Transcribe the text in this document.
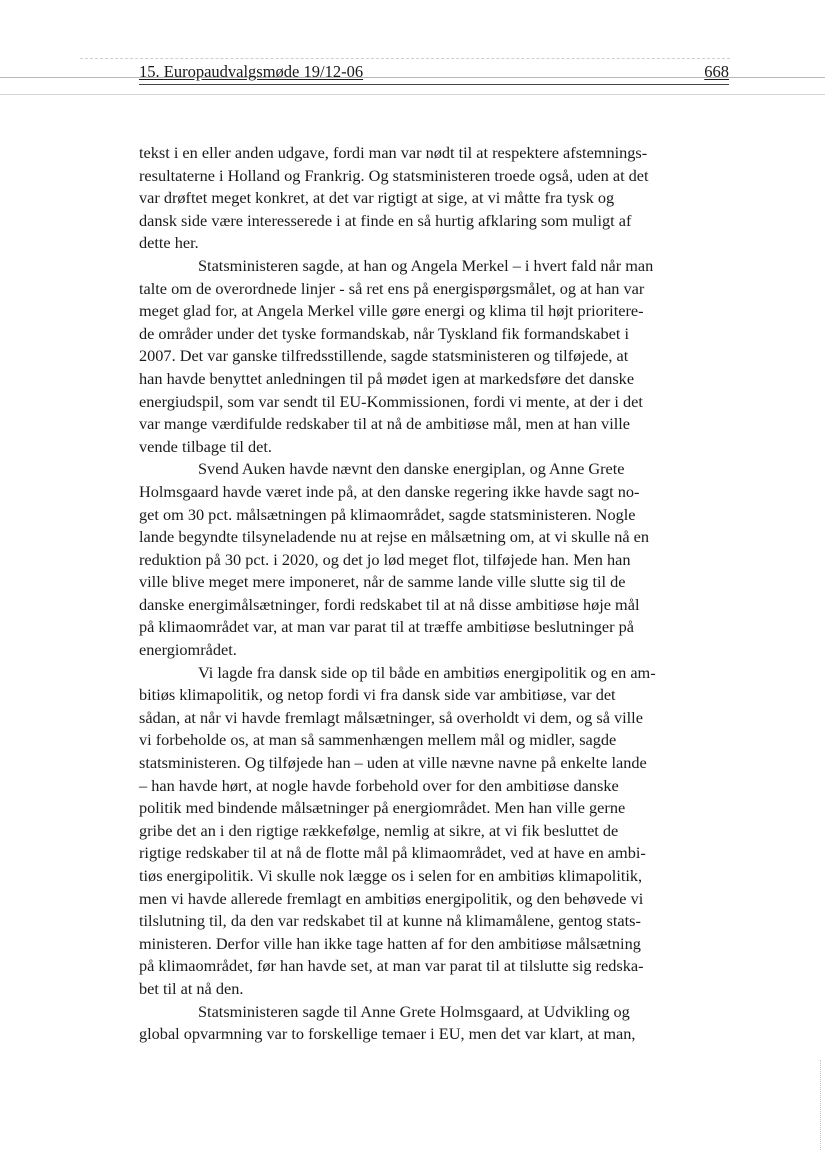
15. Europaudvalgsmøde 19/12-06	668
tekst i en eller anden udgave, fordi man var nødt til at respektere afstemnings-
resultaterne i Holland og Frankrig. Og statsministeren troede også, uden at det
var drøftet meget konkret, at det var rigtigt at sige, at vi måtte fra tysk og
dansk side være interesserede i at finde en så hurtig afklaring som muligt af
dette her.
Statsministeren sagde, at han og Angela Merkel – i hvert fald når man
talte om de overordnede linjer - så ret ens på energispørgsmålet, og at han var
meget glad for, at Angela Merkel ville gøre energi og klima til højt prioritere-
de områder under det tyske formandskab, når Tyskland fik formandskabet i
2007. Det var ganske tilfredsstillende, sagde statsministeren og tilføjede, at
han havde benyttet anledningen til på mødet igen at markedsføre det danske
energiudspil, som var sendt til EU-Kommissionen, fordi vi mente, at der i det
var mange værdifulde redskaber til at nå de ambitiøse mål, men at han ville
vende tilbage til det.
Svend Auken havde nævnt den danske energiplan, og Anne Grete
Holmsgaard havde været inde på, at den danske regering ikke havde sagt no-
get om 30 pct. målsætningen på klimaområdet, sagde statsministeren. Nogle
lande begyndte tilsyneladende nu at rejse en målsætning om, at vi skulle nå en
reduktion på 30 pct. i 2020, og det jo lød meget flot, tilføjede han. Men han
ville blive meget mere imponeret, når de samme lande ville slutte sig til de
danske energimålsætninger, fordi redskabet til at nå disse ambitiøse høje mål
på klimaområdet var, at man var parat til at træffe ambitiøse beslutninger på
energiområdet.
Vi lagde fra dansk side op til både en ambitiøs energipolitik og en am-
bitiøs klimapolitik, og netop fordi vi fra dansk side var ambitiøse, var det
sådan, at når vi havde fremlagt målsætninger, så overholdt vi dem, og så ville
vi forbeholde os, at man så sammenhængen mellem mål og midler, sagde
statsministeren. Og tilføjede han – uden at ville nævne navne på enkelte lande
– han havde hørt, at nogle havde forbehold over for den ambitiøse danske
politik med bindende målsætninger på energiområdet. Men han ville gerne
gribe det an i den rigtige rækkefølge, nemlig at sikre, at vi fik besluttet de
rigtige redskaber til at nå de flotte mål på klimaområdet, ved at have en ambi-
tiøs energipolitik. Vi skulle nok lægge os i selen for en ambitiøs klimapolitik,
men vi havde allerede fremlagt en ambitiøs energipolitik, og den behøvede vi
tilslutning til, da den var redskabet til at kunne nå klimamålene, gentog stats-
ministeren. Derfor ville han ikke tage hatten af for den ambitiøse målsætning
på klimaområdet, før han havde set, at man var parat til at tilslutte sig redska-
bet til at nå den.
Statsministeren sagde til Anne Grete Holmsgaard, at Udvikling og
global opvarmning var to forskellige temaer i EU, men det var klart, at man,
